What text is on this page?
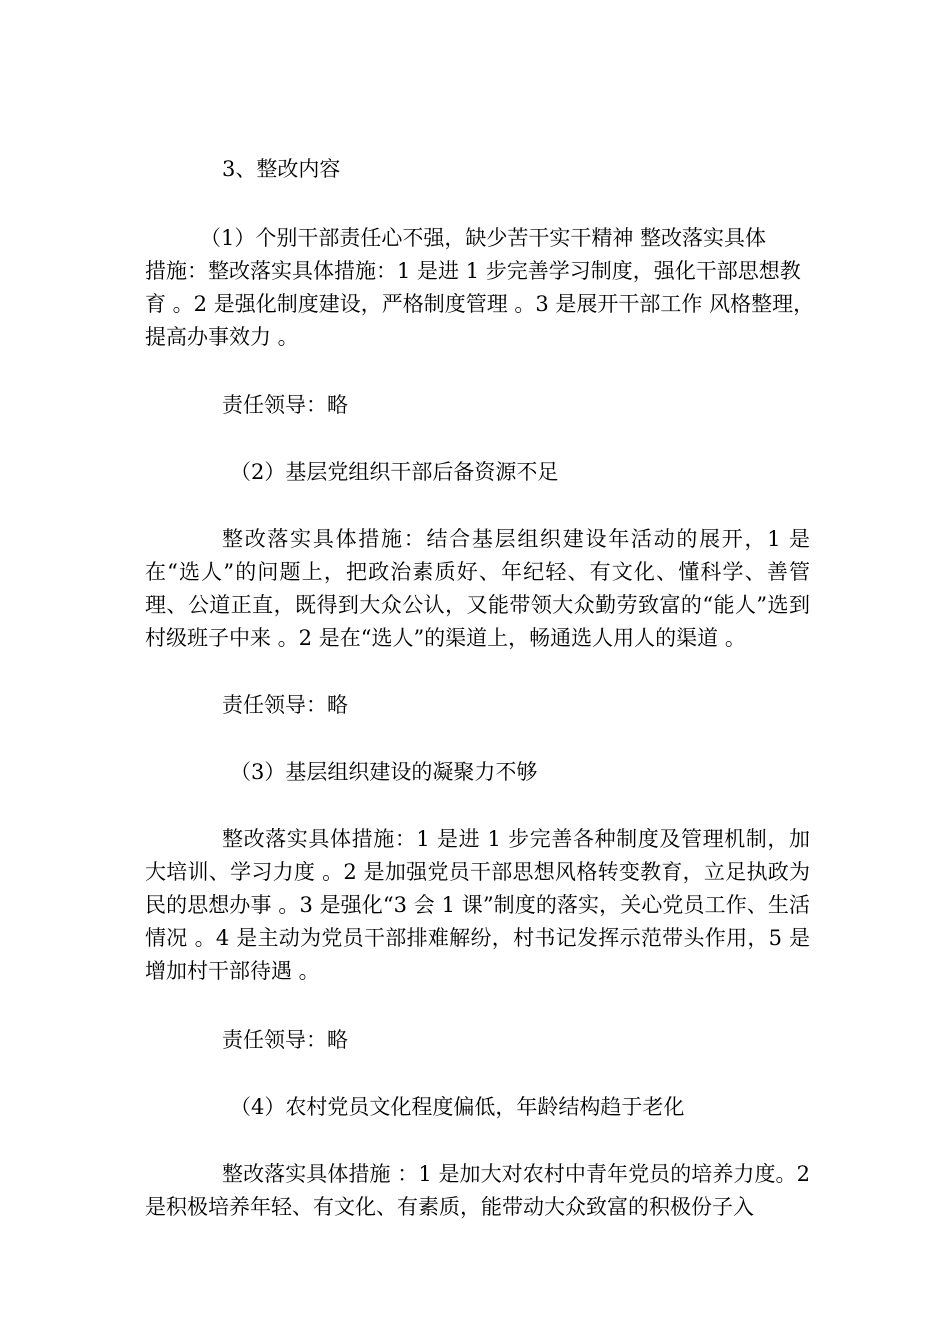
3、整改内容
（1）个别干部责任心不强，缺少苦干实干精神 整改落实具体
措施：整改落实具体措施：1 是进 1 步完善学习制度，强化干部思想教
育 。2 是强化制度建设，严格制度管理 。3 是展开干部工作 风格整理，
提高办事效力 。
责任领导：略
（2）基层党组织干部后备资源不足
整改落实具体措施：结合基层组织建设年活动的展开，1 是在“选人”的问题上，把政治素质好、年纪轻、有文化、懂科学、善管理、公道正直，既得到大众公认，又能带领大众勤劳致富的“能人”选到村级班子中来 。2 是在“选人”的渠道上，畅通选人用人的渠道 。
责任领导：略
（3）基层组织建设的凝聚力不够
整改落实具体措施：1 是进 1 步完善各种制度及管理机制，加大培训、学习力度 。2 是加强党员干部思想风格转变教育，立足执政为民的思想办事 。3 是强化“3 会 1 课”制度的落实，关心党员工作、生活情况 。4 是主动为党员干部排难解纷，村书记发挥示范带头作用，5 是增加村干部待遇 。
责任领导：略
（4）农村党员文化程度偏低，年龄结构趋于老化
整改落实具体措施 ：1 是加大对农村中青年党员的培养力度。2 是积极培养年轻、有文化、有素质，能带动大众致富的积极份子入
